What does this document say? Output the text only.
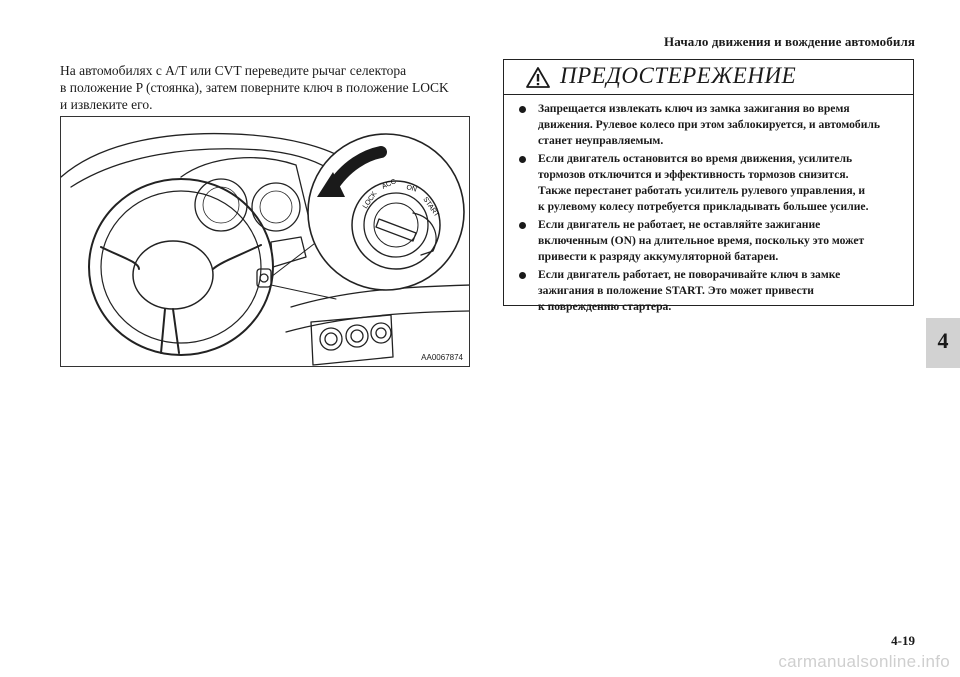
Начало движения и вождение автомобиля
На автомобилях с A/T или CVT переведите рычаг селектора
в положение P (стоянка), затем поверните ключ в положение LOCK
и извлеките его.
LOCK
ACC ON
START
AA0067874
ПРЕДОСТЕРЕЖЕНИЕ
Запрещается извлекать ключ из замка зажигания во время
движения. Рулевое колесо при этом заблокируется, и автомобиль
станет неуправляемым.
Если двигатель остановится во время движения, усилитель
тормозов отключится и эффективность тормозов снизится.
Также перестанет работать усилитель рулевого управления, и
к рулевому колесу потребуется прикладывать большее усилие.
Если двигатель не работает, не оставляйте зажигание
включенным (ON) на длительное время, поскольку это может
привести к разряду аккумуляторной батареи.
Если двигатель работает, не поворачивайте ключ в замке
зажигания в положение START. Это может привести
к повреждению стартера.
4
4-19
carmanualsonline.info
